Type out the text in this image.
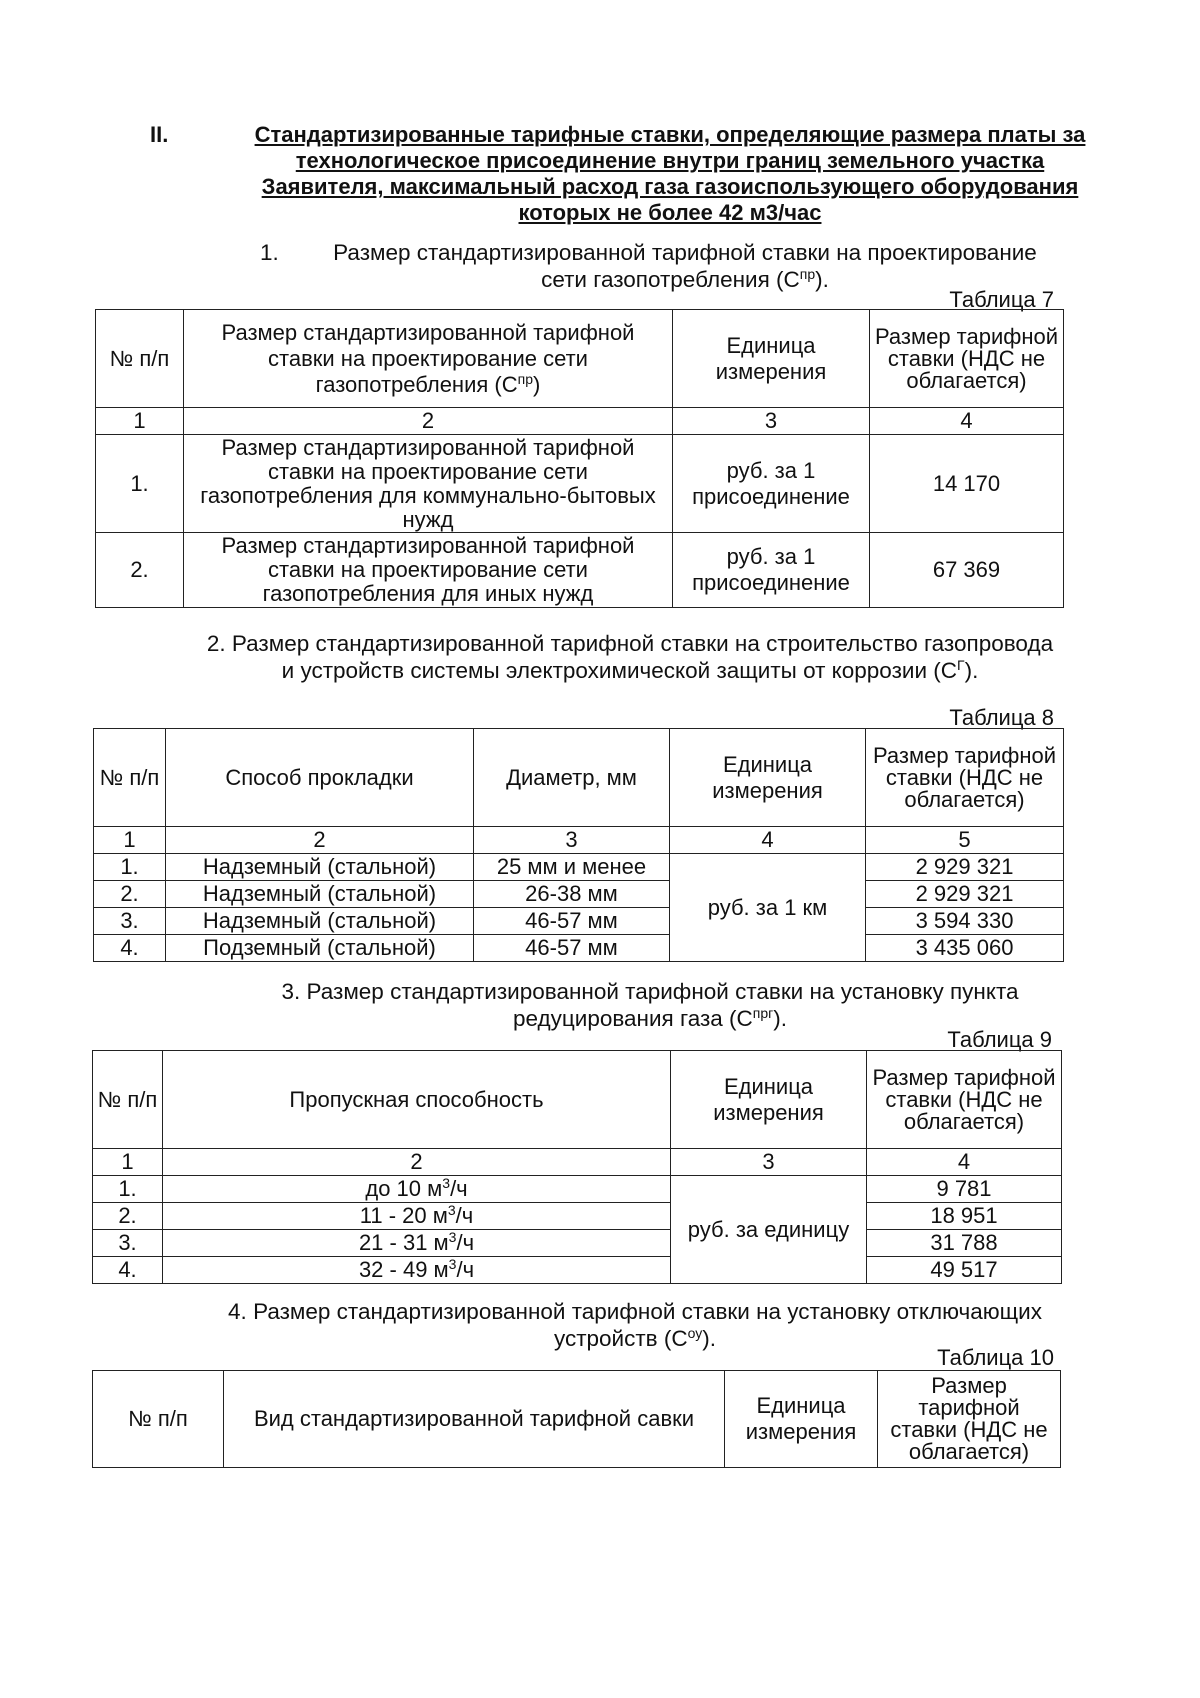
II.	Стандартизированные тарифные ставки, определяющие размера платы за
технологическое присоединение внутри границ земельного участка
Заявителя, максимальный расход газа газоиспользующего оборудования
которых не более 42 м3/час
1.	Размер стандартизированной тарифной ставки на проектирование
сети газопотребления $(С^{пр})$.
Таблица 7
№ п/п	Размер стандартизированной тарифной ставки на проектирование сети газопотребления $(С^{пр})$	Единица измерения	Размер тарифной ставки (НДС не облагается)
1	2	3	4
1.	Размер стандартизированной тарифной ставки на проектирование сети газопотребления для коммунально-бытовых нужд	руб. за 1 присоединение	14 170
2.	Размер стандартизированной тарифной ставки на проектирование сети газопотребления для иных нужд	руб. за 1 присоединение	67 369
2. Размер стандартизированной тарифной ставки на строительство газопровода
и устройств системы электрохимической защиты от коррозии $(С^Г)$.
Таблица 8
№ п/п	Способ прокладки	Диаметр, мм	Единица измерения	Размер тарифной ставки (НДС не облагается)
1	2	3	4	5
1.	Надземный (стальной)	25 мм и менее	руб. за 1 км	2 929 321
2.	Надземный (стальной)	26-38 мм		2 929 321
3.	Надземный (стальной)	46-57 мм		3 594 330
4.	Подземный (стальной)	46-57 мм		3 435 060
3. Размер стандартизированной тарифной ставки на установку пункта
редуцирования газа $(С^{прг})$.
Таблица 9
№ п/п	Пропускная способность	Единица измерения	Размер тарифной ставки (НДС не облагается)
1	2	3	4
1.	до 10 $м^3/ч$	руб. за единицу	9 781
2.	11 - 20 $м^3/ч$		18 951
3.	21 - 31 $м^3/ч$		31 788
4.	32 - 49 $м^3/ч$		49 517
4. Размер стандартизированной тарифной ставки на установку отключающих
устройств $(С^{оу})$.
Таблица 10
№ п/п	Вид стандартизированной тарифной савки	Единица измерения	Размер тарифной ставки (НДС не облагается)
